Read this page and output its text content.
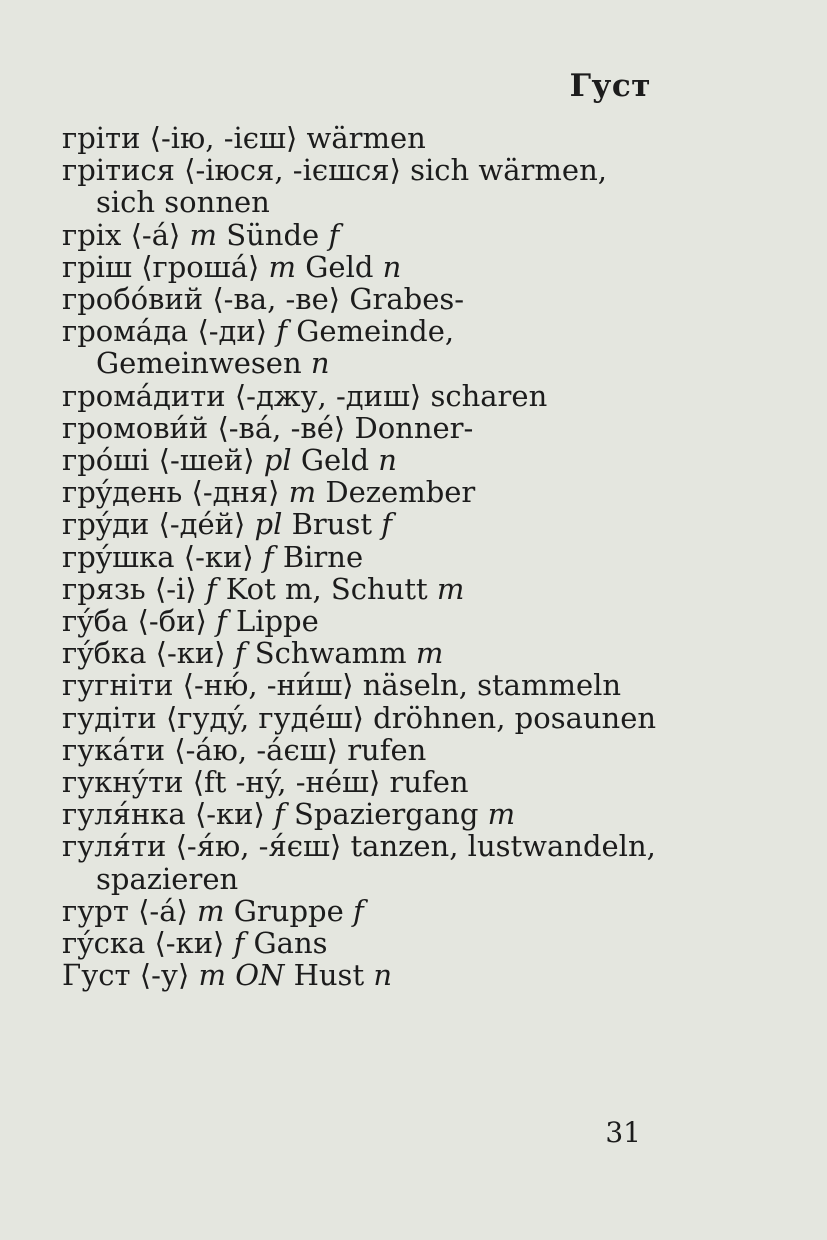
Густ

гріти ⟨-ію, -ієш⟩ wärmen

грітися ⟨-іюся, -ієшся⟩ sich wärmen, sich sonnen

гріх ⟨-á⟩ m Sünde f

гріш ⟨грошá⟩ m Geld n

гробóвий ⟨-ва, -ве⟩ Grabes-

громáда ⟨-ди⟩ f Gemeinde, Gemeinwesen n

громáдити ⟨-джу, -диш⟩ scharen

громови́й ⟨-вá, -вé⟩ Donner-

грóші ⟨-шей⟩ pl Geld n

грýдень ⟨-дня⟩ m Dezember

грýди ⟨-дéй⟩ pl Brust f

грýшка ⟨-ки⟩ f Birne

грязь ⟨-і⟩ f Kot m, Schutt m

гýба ⟨-би⟩ f Lippe

гýбка ⟨-ки⟩ f Schwamm m

гугніти ⟨-ню́, -ни́ш⟩ näseln, stammeln

гудіти ⟨гудý, гудéш⟩ dröhnen, posaunen

гукáти ⟨-áю, -áєш⟩ rufen

гукнýти ⟨ft -нý, -нéш⟩ rufen

гуля́нка ⟨-ки⟩ f Spaziergang m

гуля́ти ⟨-я́ю, -я́єш⟩ tanzen, lustwandeln, spazieren

гурт ⟨-á⟩ m Gruppe f

гýска ⟨-ки⟩ f Gans

Густ ⟨-у⟩ m ON Hust n

31
